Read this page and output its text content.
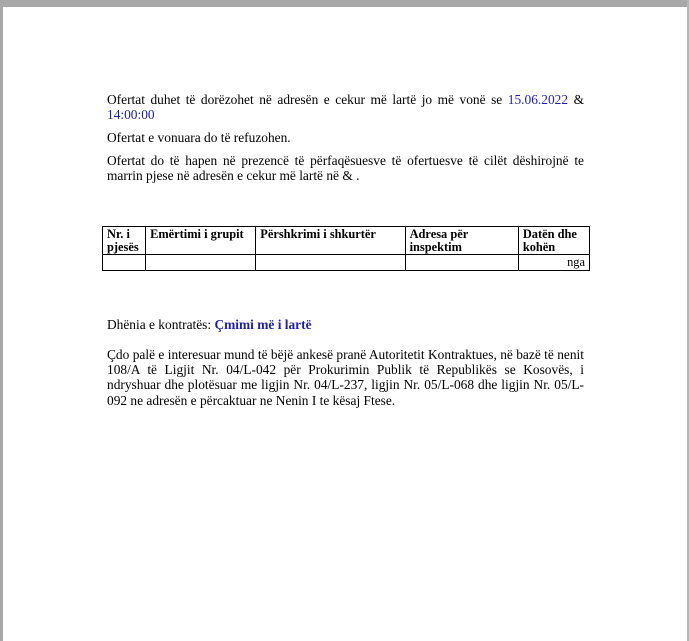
Ofertat duhet të dorëzohet në adresën e cekur më lartë jo më vonë se 15.06.2022 & 14:00:00

Ofertat e vonuara do të refuzohen.

Ofertat do të hapen në prezencë të përfaqësuesve të ofertuesve të cilët dëshirojnë te marrin pjese në adresën e cekur më lartë në & .

Nr. i pjesës	Emërtimi i grupit	Përshkrimi i shkurtër	Adresa për inspektim	Datën dhe kohën
				nga
Dhënia e kontratës: Çmimi më i lartë

Çdo palë e interesuar mund të bëjë ankesë pranë Autoritetit Kontraktues, në bazë të nenit 108/A të Ligjit Nr. 04/L-042 për Prokurimin Publik të Republikës se Kosovës, i ndryshuar dhe plotësuar me ligjin Nr. 04/L-237, ligjin Nr. 05/L-068 dhe ligjin Nr. 05/L-092 ne adresën e përcaktuar ne Nenin I te kësaj Ftese.
